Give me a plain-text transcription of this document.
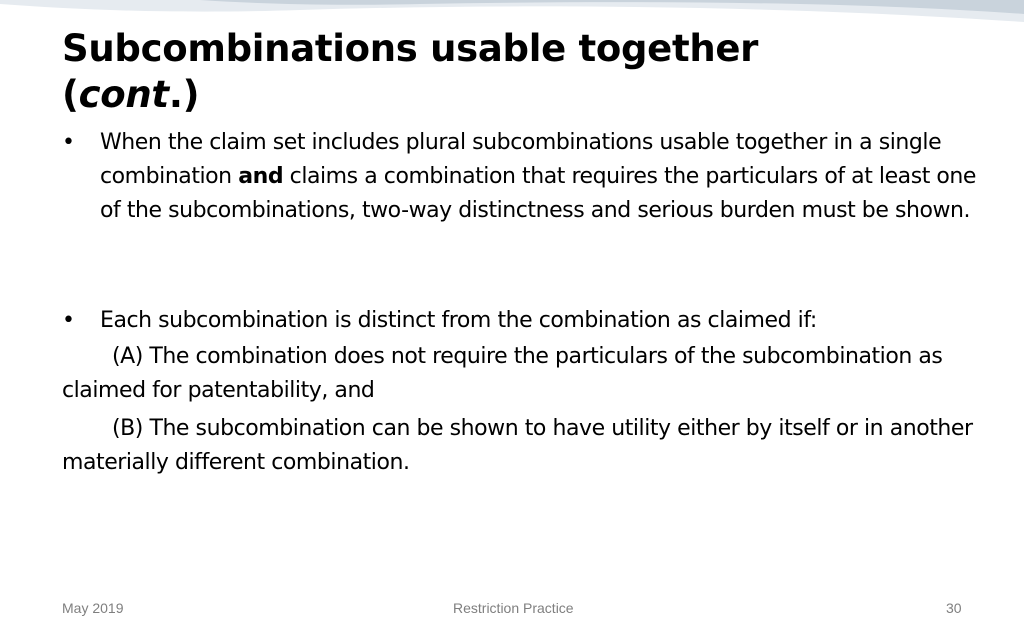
Subcombinations usable together
(cont.)
• When the claim set includes plural subcombinations usable together in a single combination and claims a combination that requires the particulars of at least one of the subcombinations, two-way distinctness and serious burden must be shown.

• Each subcombination is distinct from the combination as claimed if:

(A) The combination does not require the particulars of the subcombination as claimed for patentability, and

(B) The subcombination can be shown to have utility either by itself or in another materially different combination.

May 2019	Restriction Practice	30
